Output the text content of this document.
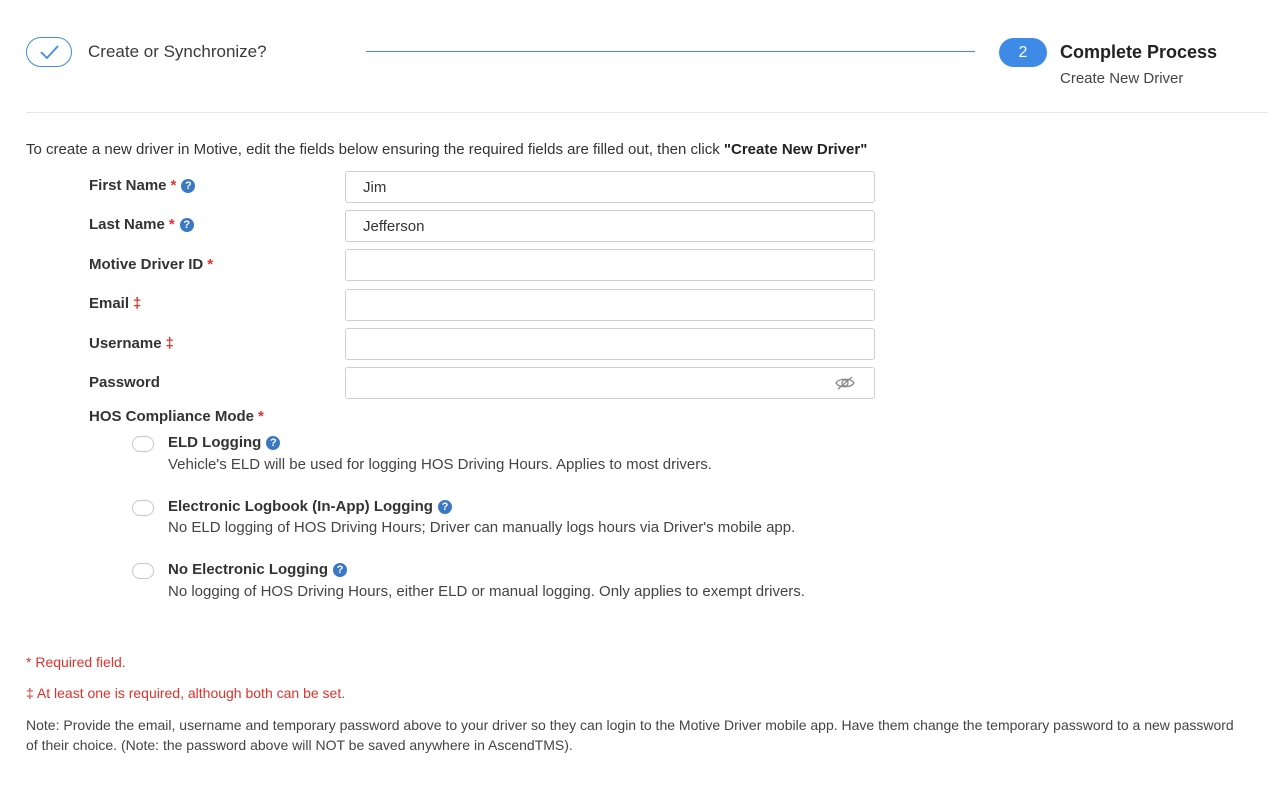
Create or Synchronize?	2	Complete Process
Create New Driver
To create a new driver in Motive, edit the fields below ensuring the required fields are filled out, then click "Create New Driver"
First Name * ?
Jim
Last Name * ?
Jefferson
Motive Driver ID *
Email ‡
Username ‡
Password
HOS Compliance Mode *
ELD Logging ?
Vehicle's ELD will be used for logging HOS Driving Hours. Applies to most drivers.
Electronic Logbook (In-App) Logging ?
No ELD logging of HOS Driving Hours; Driver can manually logs hours via Driver's mobile app.
No Electronic Logging ?
No logging of HOS Driving Hours, either ELD or manual logging. Only applies to exempt drivers.
* Required field.
‡ At least one is required, although both can be set.
Note: Provide the email, username and temporary password above to your driver so they can login to the Motive Driver mobile app. Have them change the temporary password to a new password of their choice. (Note: the password above will NOT be saved anywhere in AscendTMS).
